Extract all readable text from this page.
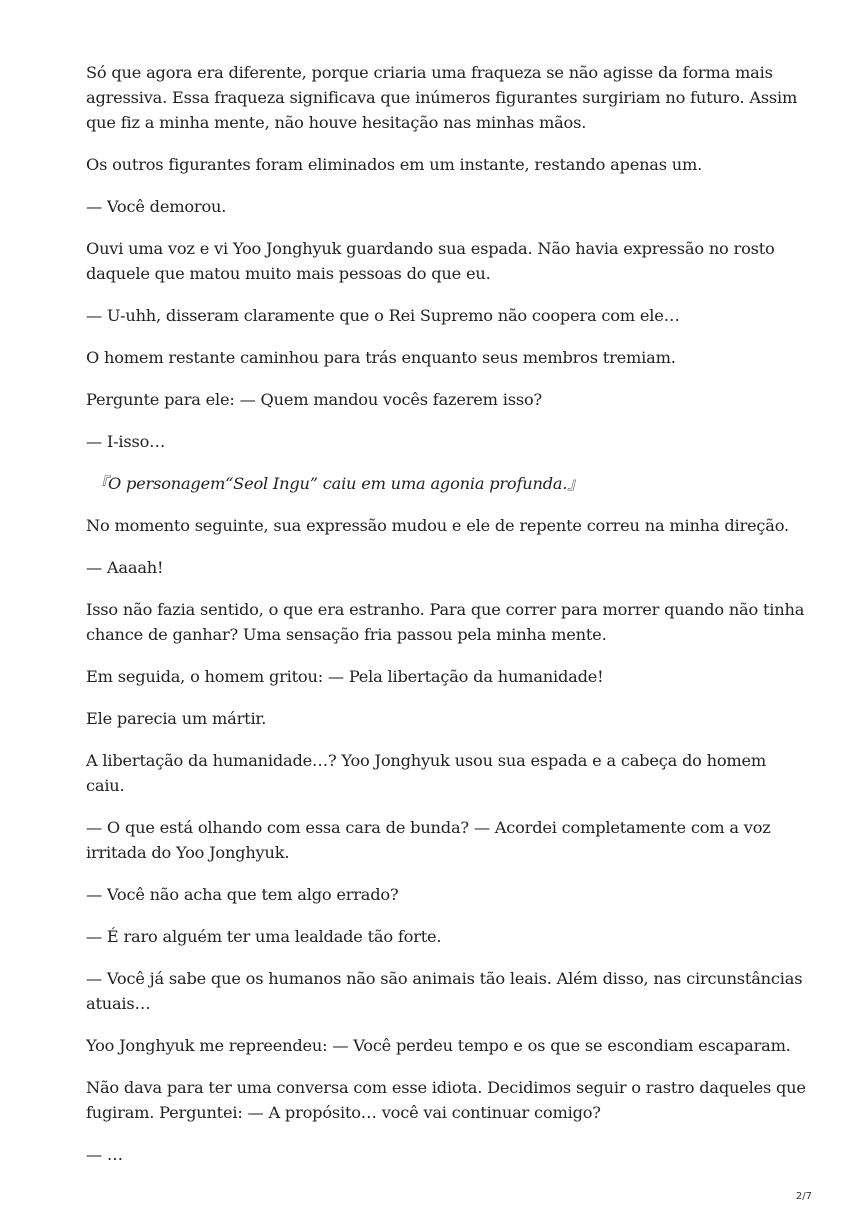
Só que agora era diferente, porque criaria uma fraqueza se não agisse da forma mais agressiva. Essa fraqueza significava que inúmeros figurantes surgiriam no futuro. Assim que fiz a minha mente, não houve hesitação nas minhas mãos.

Os outros figurantes foram eliminados em um instante, restando apenas um.

— Você demorou.

Ouvi uma voz e vi Yoo Jonghyuk guardando sua espada. Não havia expressão no rosto daquele que matou muito mais pessoas do que eu.

— U-uhh, disseram claramente que o Rei Supremo não coopera com ele…

O homem restante caminhou para trás enquanto seus membros tremiam.

Pergunte para ele: — Quem mandou vocês fazerem isso?

— I-isso…

『O personagem“Seol Ingu” caiu em uma agonia profunda.』

No momento seguinte, sua expressão mudou e ele de repente correu na minha direção.

— Aaaah!

Isso não fazia sentido, o que era estranho. Para que correr para morrer quando não tinha chance de ganhar? Uma sensação fria passou pela minha mente.

Em seguida, o homem gritou: — Pela libertação da humanidade!

Ele parecia um mártir.

A libertação da humanidade…? Yoo Jonghyuk usou sua espada e a cabeça do homem caiu.

— O que está olhando com essa cara de bunda? — Acordei completamente com a voz irritada do Yoo Jonghyuk.

— Você não acha que tem algo errado?

— É raro alguém ter uma lealdade tão forte.

— Você já sabe que os humanos não são animais tão leais. Além disso, nas circunstâncias atuais…

Yoo Jonghyuk me repreendeu: — Você perdeu tempo e os que se escondiam escaparam.

Não dava para ter uma conversa com esse idiota. Decidimos seguir o rastro daqueles que fugiram. Perguntei: — A propósito… você vai continuar comigo?

— …

2/7
